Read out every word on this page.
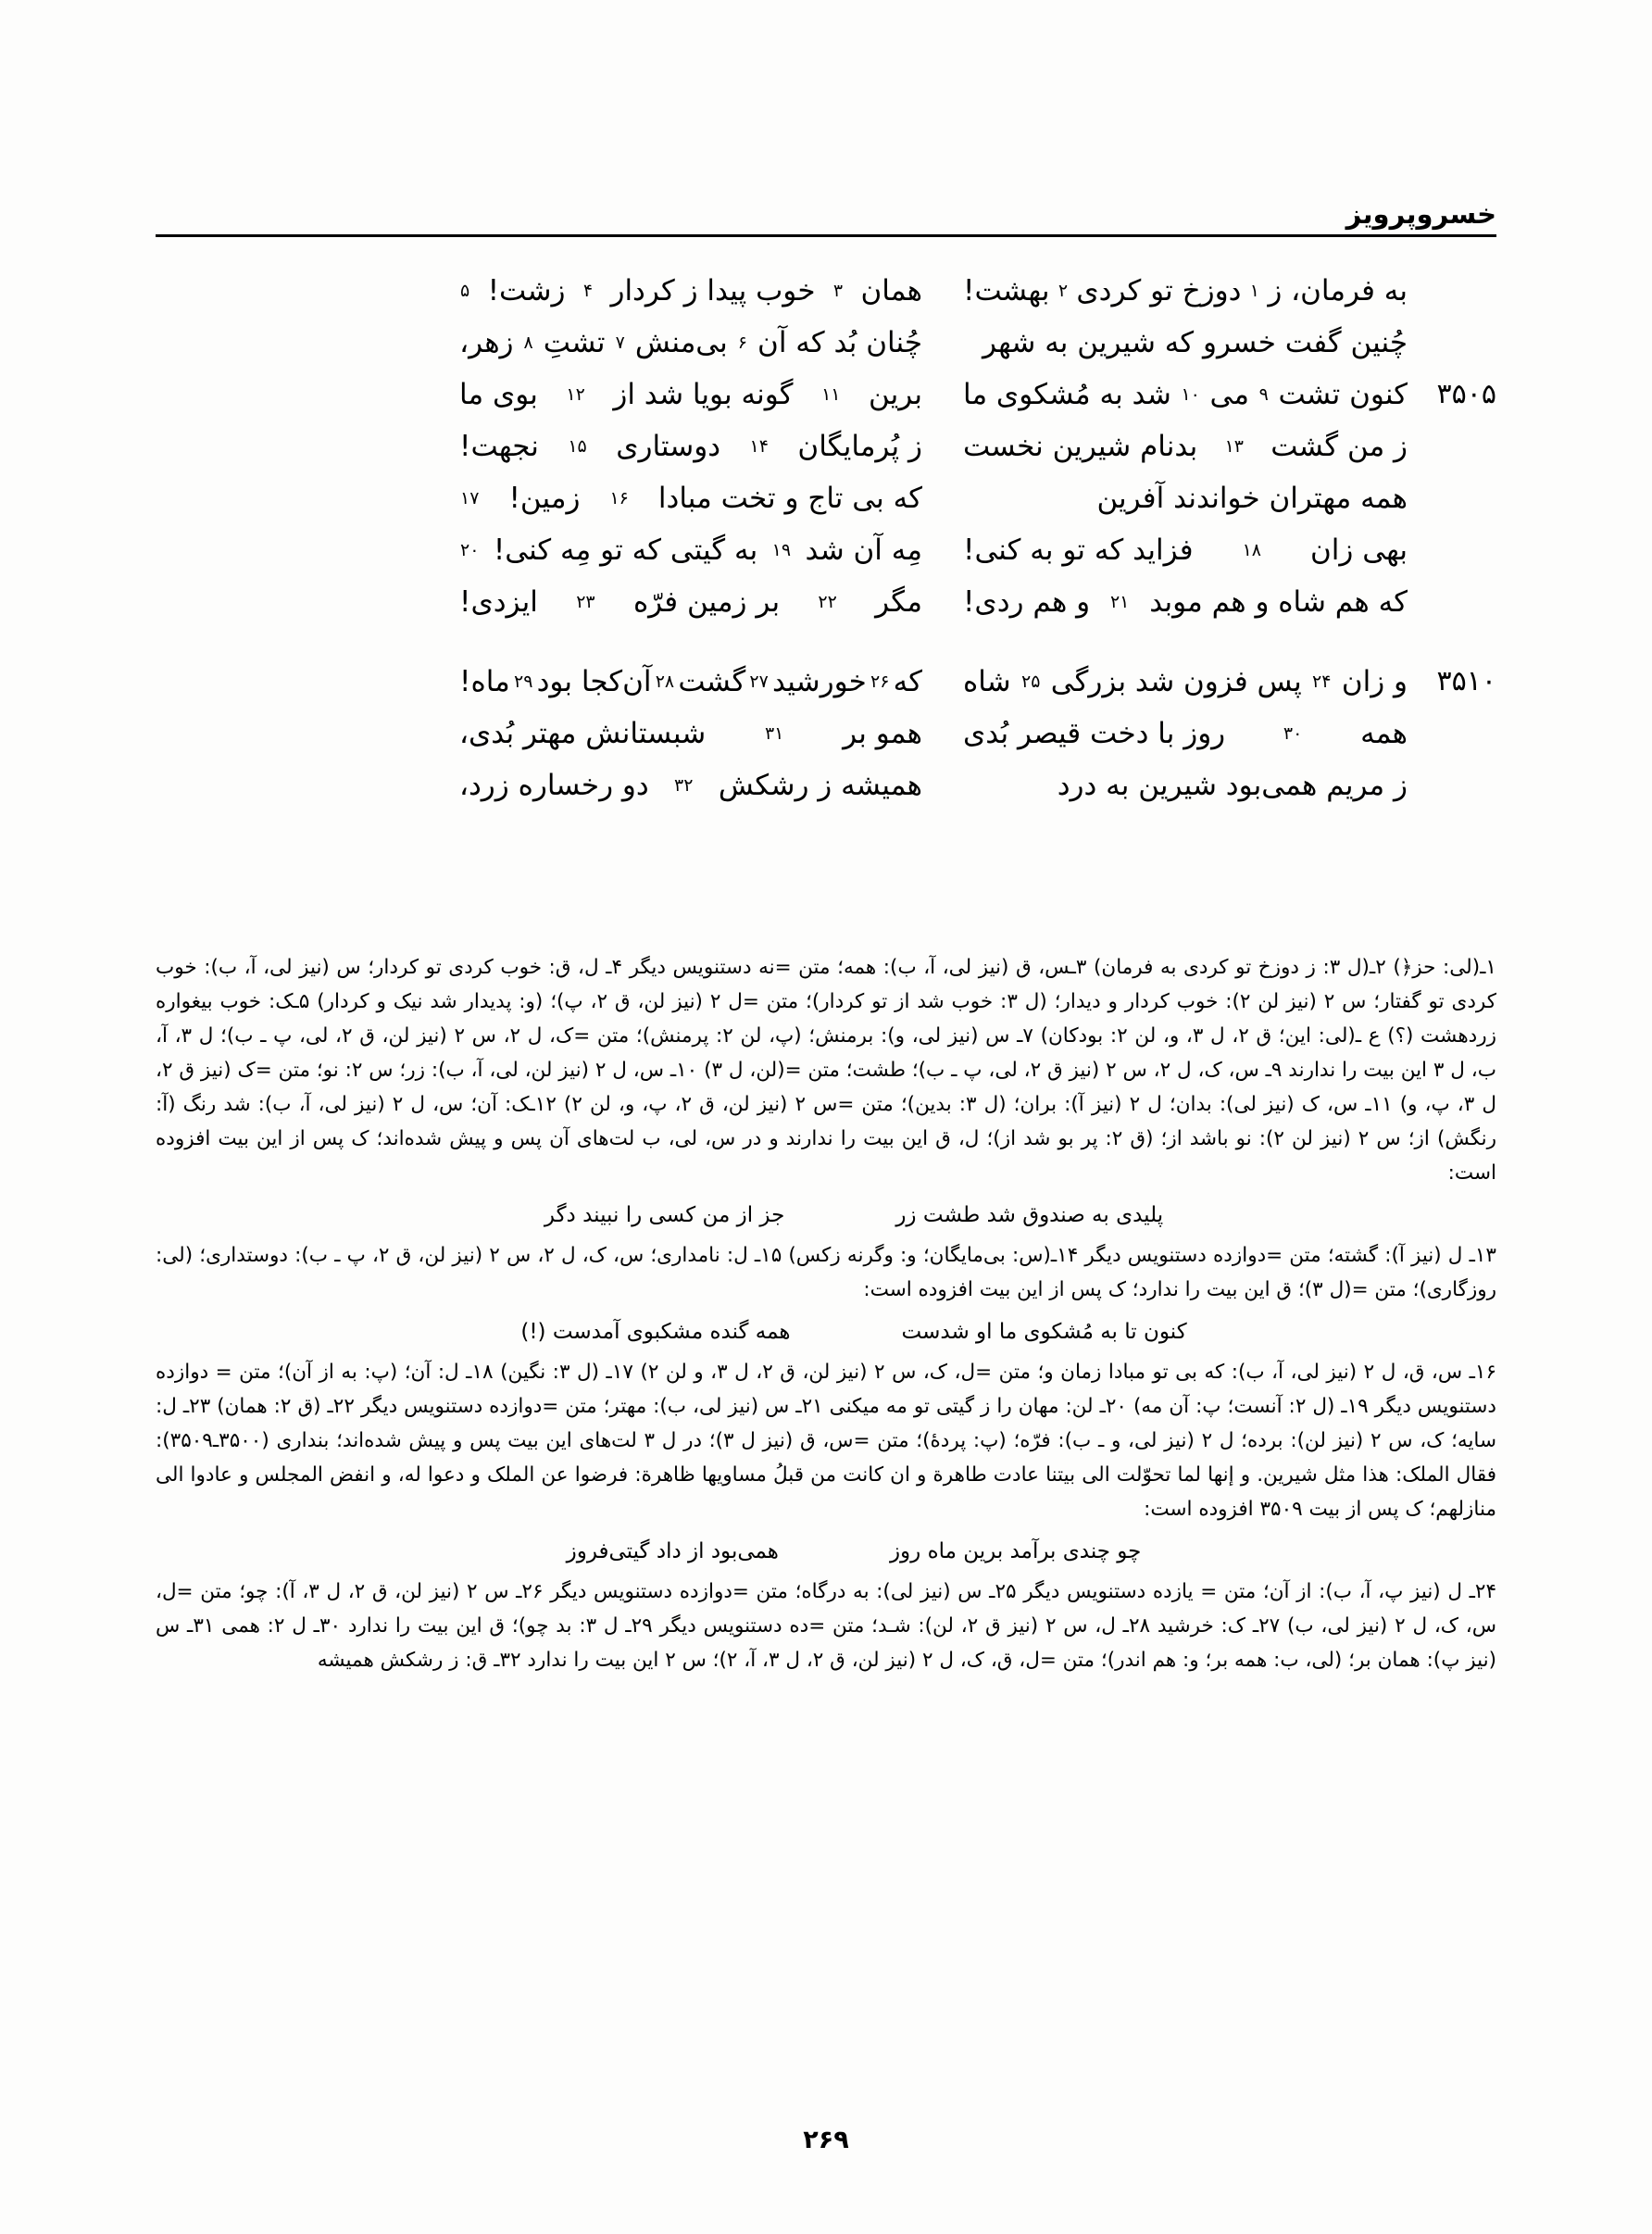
خسروپرویز
به فرمان، ز
۱
دوزخ تو کردی
۲
بهشت!
همان
۳
خوب پیدا ز کردار
۴
زشت!
۵
چُنین گفت خسرو که شیرین به شهر
چُنان بُد که آن
۶
بی‌منش
۷
تشتِ
۸
زهر،
۳۵۰۵
کنون تشت
۹
می
۱۰
شد به مُشکوی ما
برین
۱۱
گونه بویا شد از
۱۲
بوی ما
ز من گشت
۱۳
بدنام شیرین نخست
ز پُرمایگان
۱۴
دوستاری
۱۵
نجهت!
همه مهتران خواندند آفرین
که بی تاج و تخت مبادا
۱۶
زمین!
۱۷
بهی زان
۱۸
فزاید که تو به کنی!
مِه آن شد
۱۹
به گیتی که تو مِه کنی!
۲۰
که هم شاه و هم موبد
۲۱
و هم ردی!
مگر
۲۲
بر زمین فرّه
۲۳
ایزدی!
۳۵۱۰
و زان
۲۴
پس فزون شد بزرگی
۲۵
شاه
که
۲۶
خورشید
۲۷
گشت
۲۸
آن‌کجا بود
۲۹
ماه!
همه
۳۰
روز با دخت قیصر بُدی
همو بر
۳۱
شبستانش مهتر بُدی،
ز مریم همی‌بود شیرین به درد
همیشه ز رشکش
۳۲
دو رخساره زرد،

۱ـ(لی: حز﴿) ۲ـ(ل ۳: ز دوزخ تو کردی به فرمان) ۳ـس، ق (نیز لی، آ، ب): همه؛ متن =نه دستنویس دیگر ۴ـ ل، ق: خوب کردی تو کردار؛ س (نیز لی، آ، ب): خوب کردی تو گفتار؛ س ۲ (نیز لن ۲): خوب کردار و دیدار؛ (ل ۳: خوب شد از تو کردار)؛ متن =ل ۲ (نیز لن، ق ۲، پ)؛ (و: پدیدار شد نیک و کردار) ۵ـک: خوب بیغواره زردهشت (؟) ع ـ(لی: این؛ ق ۲، ل ۳، و، لن ۲: بودکان) ۷ـ س (نیز لی، و): برمنش؛ (پ، لن ۲: پرمنش)؛ متن =ک، ل ۲، س ۲ (نیز لن، ق ۲، لی، پ ـ ب)؛ ل ۳، آ، ب، ل ۳ این بیت را ندارند ۹ـ س، ک، ل ۲، س ۲ (نیز ق ۲، لی، پ ـ ب)؛ طشت؛ متن =(لن، ل ۳) ۱۰ـ س، ل ۲ (نیز لن، لی، آ، ب): زر؛ س ۲: نو؛ متن =ک (نیز ق ۲، ل ۳، پ، و) ۱۱ـ س، ک (نیز لی): بدان؛ ل ۲ (نیز آ): بران؛ (ل ۳: بدین)؛ متن =س ۲ (نیز لن، ق ۲، پ، و، لن ۲) ۱۲ـک: آن؛ س، ل ۲ (نیز لی، آ، ب): شد رنگ (آ: رنگش) از؛ س ۲ (نیز لن ۲): نو باشد از؛ (ق ۲: پر بو شد از)؛ ل، ق این بیت را ندارند و در س، لی، ب لت‌های آن پس و پیش شده‌اند؛ ک پس از این بیت افزوده است:

پلیدی به صندوق شد طشت زر
جز از من کسی را نبیند دگر

۱۳ـ ل (نیز آ): گشته؛ متن =دوازده دستنویس دیگر ۱۴ـ(س: بی‌مایگان؛ و: وگرنه زکس) ۱۵ـ ل: نامداری؛ س، ک، ل ۲، س ۲ (نیز لن، ق ۲، پ ـ ب): دوستداری؛ (لی: روزگاری)؛ متن =(ل ۳)؛ ق این بیت را ندارد؛ ک پس از این بیت افزوده است:

کنون تا به مُشکوی ما او شدست
همه گنده مشکبوی آمدست (!)

۱۶ـ س، ق، ل ۲ (نیز لی، آ، ب): که بی تو مبادا زمان و؛ متن =ل، ک، س ۲ (نیز لن، ق ۲، ل ۳، و لن ۲) ۱۷ـ (ل ۳: نگین) ۱۸ـ ل: آن؛ (پ: به از آن)؛ متن = دوازده دستنویس دیگر ۱۹ـ (ل ۲: آنست؛ پ: آن مه) ۲۰ـ لن: مهان را ز گیتی تو مه میکنی ۲۱ـ س (نیز لی، ب): مهتر؛ متن =دوازده دستنویس دیگر ۲۲ـ (ق ۲: همان) ۲۳ـ ل: سایه؛ ک، س ۲ (نیز لن): برده؛ ل ۲ (نیز لی، و ـ ب): فرّه؛ (پ: پردهٔ)؛ متن =س، ق (نیز ل ۳)؛ در ل ۳ لت‌های این بیت پس و پیش شده‌اند؛ بنداری (۳۵۰۰ـ۳۵۰۹): فقال الملک: هذا مثل شیرین. و إنها لما تحوّلت الی بیتنا عادت طاهرة و ان کانت من قبلُ مساویها ظاهرة: فرضوا عن الملک و دعوا له، و انفض المجلس و عادوا الی منازلهم؛ ک پس از بیت ۳۵۰۹ افزوده است:

چو چندی برآمد برین ماه روز
همی‌بود از داد گیتی‌فروز

۲۴ـ ل (نیز پ، آ، ب): از آن؛ متن = یازده دستنویس دیگر ۲۵ـ س (نیز لی): به درگاه؛ متن =دوازده دستنویس دیگر ۲۶ـ س ۲ (نیز لن، ق ۲، ل ۳، آ): چو؛ متن =ل، س، ک، ل ۲ (نیز لی، ب) ۲۷ـ ک: خرشید ۲۸ـ ل، س ۲ (نیز ق ۲، لن): شـد؛ متن =ده دستنویس دیگر ۲۹ـ ل ۳: بد چو)؛ ق این بیت را ندارد ۳۰ـ ل ۲: همی ۳۱ـ س (نیز پ): همان بر؛ (لی، ب: همه بر؛ و: هم اندر)؛ متن =ل، ق، ک، ل ۲ (نیز لن، ق ۲، ل ۳، آ، ۲)؛ س ۲ این بیت را ندارد ۳۲ـ ق: ز رشکش همیشه

۲۶۹
